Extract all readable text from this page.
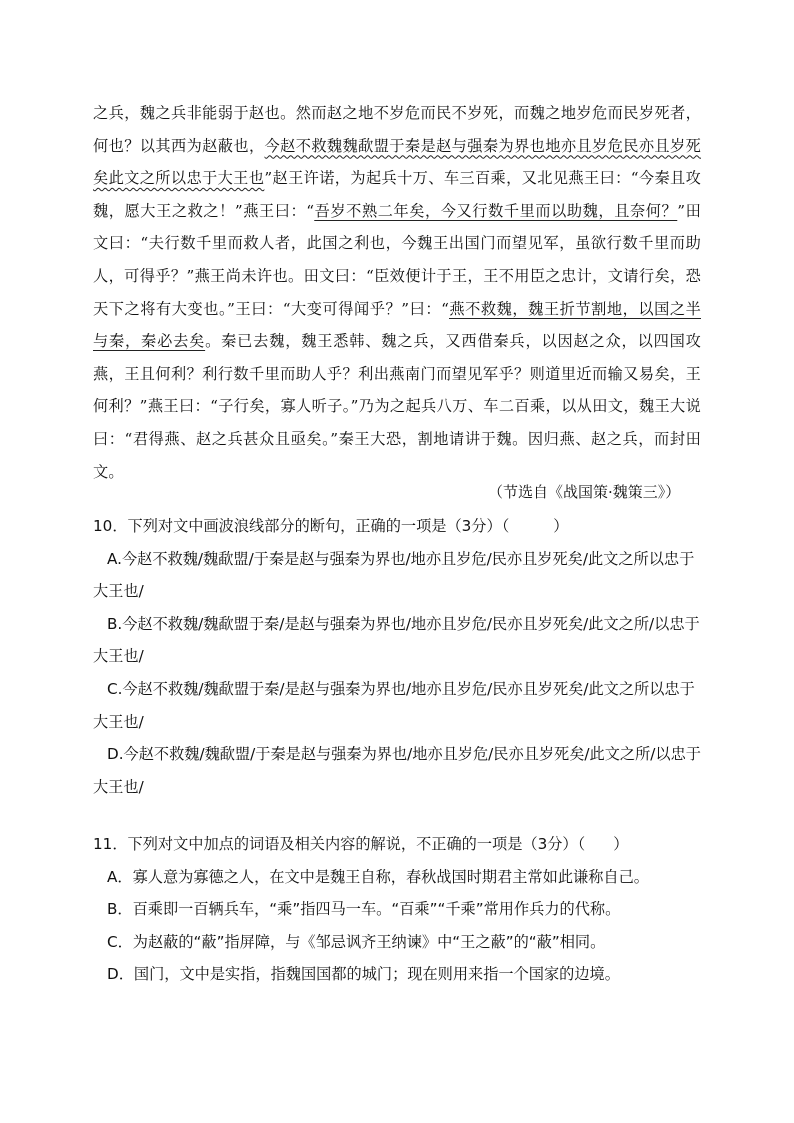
之兵，魏之兵非能弱于赵也。然而赵之地不岁危而民不岁死，而魏之地岁危而民岁死者，何也？以其西为赵蔽也，今赵不救魏魏歃盟于秦是赵与强秦为界也地亦且岁危民亦且岁死矣此文之所以忠于大王也”赵王许诺，为起兵十万、车三百乘，又北见燕王曰：“今秦且攻魏，愿大王之救之！”燕王曰：“吾岁不熟二年矣，今又行数千里而以助魏，且奈何？”田文曰：“夫行数千里而救人者，此国之利也，今魏王出国门而望见军，虽欲行数千里而助人，可得乎？”燕王尚未许也。田文曰：“臣效便计于王，王不用臣之忠计，文请行矣，恐天下之将有大变也。”王曰：“大变可得闻乎？”曰：“燕不救魏，魏王折节割地，以国之半与秦，秦必去矣。秦已去魏，魏王悉韩、魏之兵，又西借秦兵，以因赵之众，以四国攻燕，王且何利？利行数千里而助人乎？利出燕南门而望见军乎？则道里近而输又易矣，王何利？”燕王曰：“子行矣，寡人听子。”乃为之起兵八万、车二百乘，以从田文，魏王大说曰：“君得燕、赵之兵甚众且亟矣。”秦王大恐，割地请讲于魏。因归燕、赵之兵，而封田文。
（节选自《战国策·魏策三》）

10．下列对文中画波浪线部分的断句，正确的一项是（3分）（	）

A.今赵不救魏/魏歃盟/于秦是赵与强秦为界也/地亦且岁危/民亦且岁死矣/此文之所以忠于大王也/

B.今赵不救魏/魏歃盟于秦/是赵与强秦为界也/地亦且岁危/民亦且岁死矣/此文之所/以忠于大王也/

C.今赵不救魏/魏歃盟于秦/是赵与强秦为界也/地亦且岁危/民亦且岁死矣/此文之所以忠于大王也/

D.今赵不救魏/魏歃盟/于秦是赵与强秦为界也/地亦且岁危/民亦且岁死矣/此文之所/以忠于大王也/

11．下列对文中加点的词语及相关内容的解说，不正确的一项是（3分）（ ）

A．寡人意为寡德之人，在文中是魏王自称，春秋战国时期君主常如此谦称自己。

B．百乘即一百辆兵车，“乘”指四马一车。“百乘”“千乘”常用作兵力的代称。

C．为赵蔽的“蔽”指屏障，与《邹忌讽齐王纳谏》中“王之蔽”的“蔽”相同。

D．国门，文中是实指，指魏国国都的城门；现在则用来指一个国家的边境。
